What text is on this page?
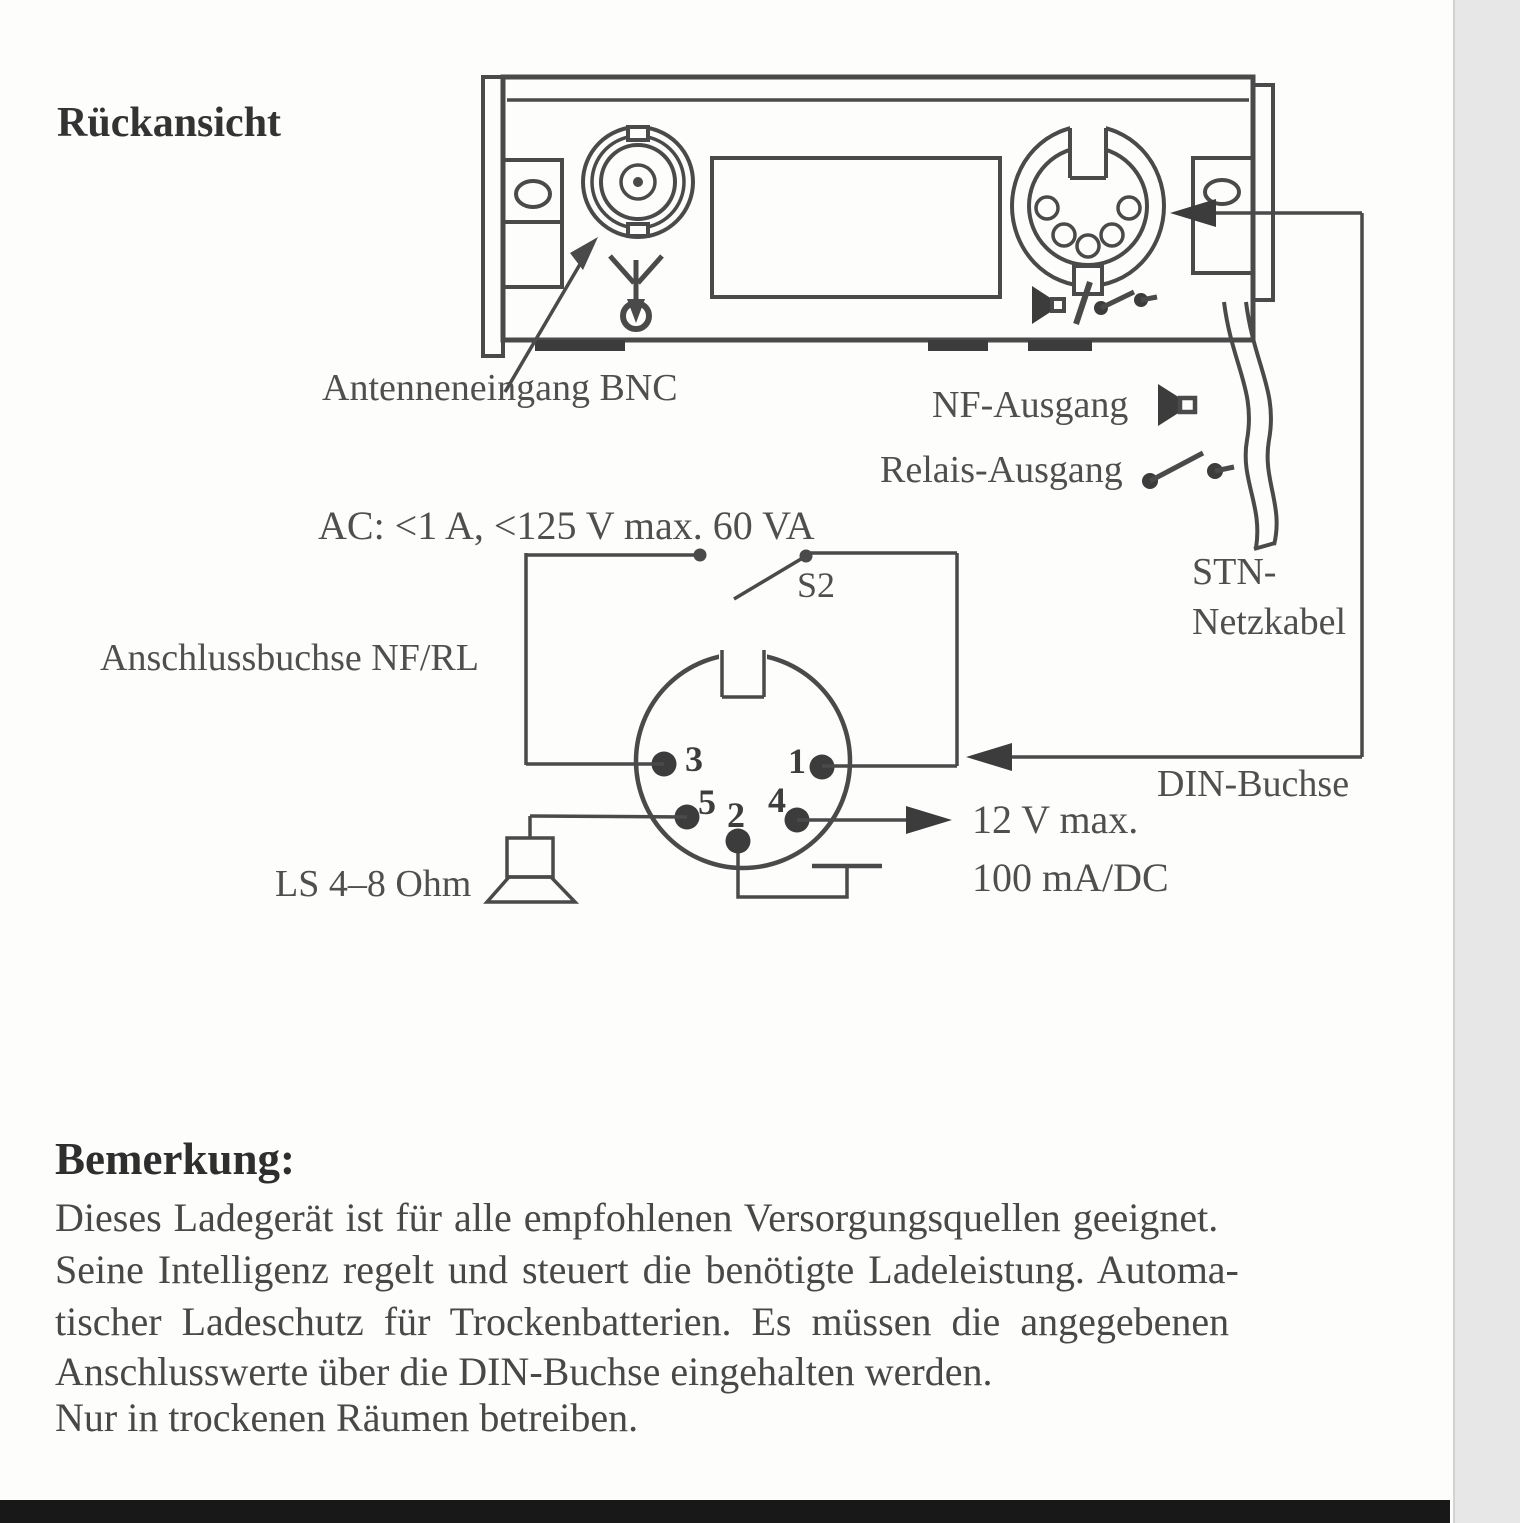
Rückansicht
Antenneneingang BNC	NF-Ausgang
Relais-Ausgang
AC: <1 A, <125 V max. 60 VA
S2
Anschlussbuchse NF/RL
STN-
Netzkabel
DIN-Buchse
12 V max.
100 mA/DC
LS 4–8 Ohm
3 1
5 2 4
Bemerkung:
Dieses Ladegerät ist für alle empfohlenen Versorgungsquellen geeignet.
Seine Intelligenz regelt und steuert die benötigte Ladeleistung. Automa-
tischer Ladeschutz für Trockenbatterien. Es müssen die angegebenen
Anschlusswerte über die DIN-Buchse eingehalten werden.
Nur in trockenen Räumen betreiben.
